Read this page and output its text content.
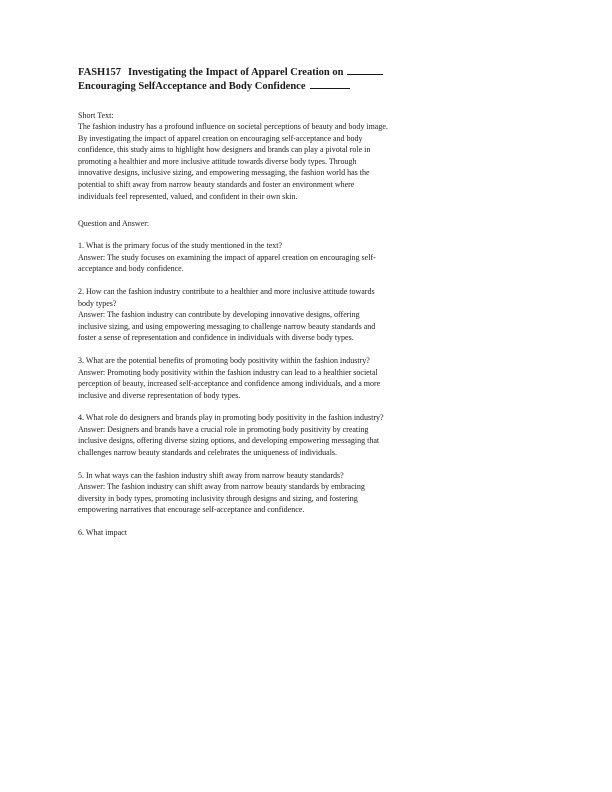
FASH157 Investigating the Impact of Apparel Creation on
Encouraging SelfAcceptance and Body Confidence

Short Text:

The fashion industry has a profound influence on societal perceptions of beauty and body image. By investigating the impact of apparel creation on encouraging self-acceptance and body confidence, this study aims to highlight how designers and brands can play a pivotal role in promoting a healthier and more inclusive attitude towards diverse body types. Through innovative designs, inclusive sizing, and empowering messaging, the fashion world has the potential to shift away from narrow beauty standards and foster an environment where individuals feel represented, valued, and confident in their own skin.

Question and Answer:

1. What is the primary focus of the study mentioned in the text?

Answer: The study focuses on examining the impact of apparel creation on encouraging self-acceptance and body confidence.

2. How can the fashion industry contribute to a healthier and more inclusive attitude towards body types?

Answer: The fashion industry can contribute by developing innovative designs, offering inclusive sizing, and using empowering messaging to challenge narrow beauty standards and foster a sense of representation and confidence in individuals with diverse body types.

3. What are the potential benefits of promoting body positivity within the fashion industry?

Answer: Promoting body positivity within the fashion industry can lead to a healthier societal perception of beauty, increased self-acceptance and confidence among individuals, and a more inclusive and diverse representation of body types.

4. What role do designers and brands play in promoting body positivity in the fashion industry?

Answer: Designers and brands have a crucial role in promoting body positivity by creating inclusive designs, offering diverse sizing options, and developing empowering messaging that challenges narrow beauty standards and celebrates the uniqueness of individuals.

5. In what ways can the fashion industry shift away from narrow beauty standards?

Answer: The fashion industry can shift away from narrow beauty standards by embracing diversity in body types, promoting inclusivity through designs and sizing, and fostering empowering narratives that encourage self-acceptance and confidence.

6. What impact
